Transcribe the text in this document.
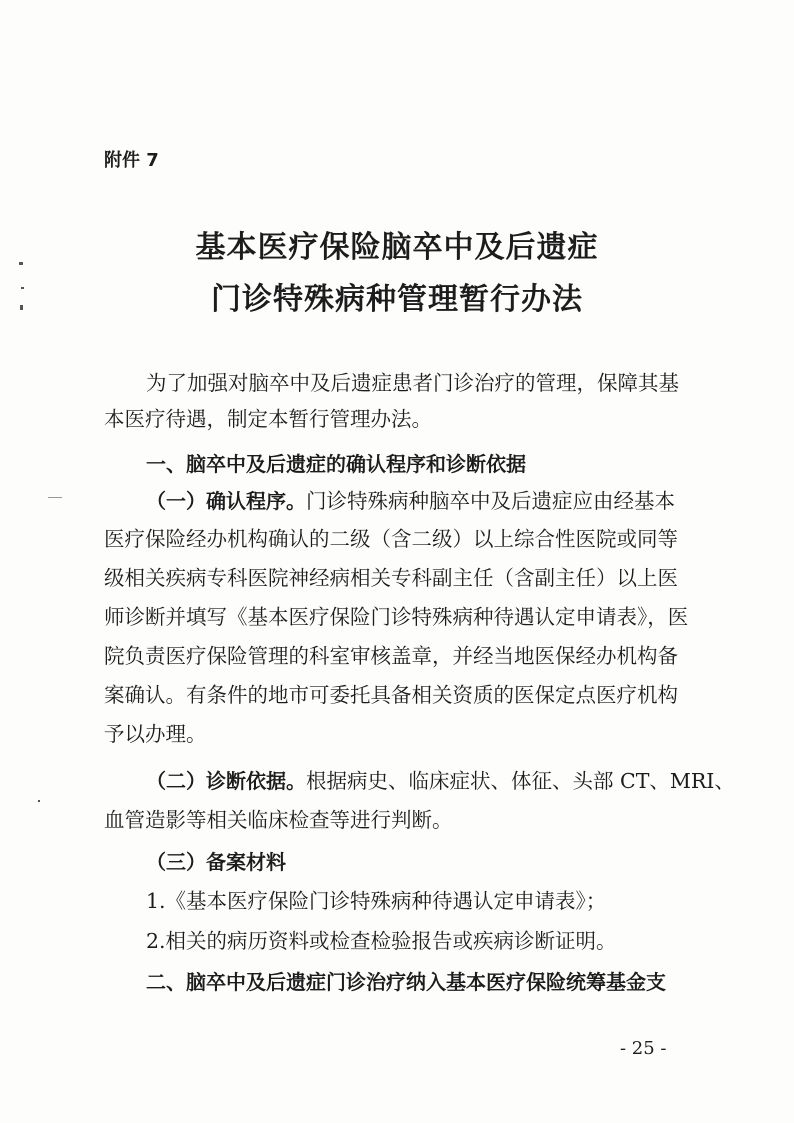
附件 7
基本医疗保险脑卒中及后遗症
门诊特殊病种管理暂行办法
为了加强对脑卒中及后遗症患者门诊治疗的管理，保障其基
本医疗待遇，制定本暂行管理办法。
一、脑卒中及后遗症的确认程序和诊断依据
（一）确认程序。门诊特殊病种脑卒中及后遗症应由经基本
医疗保险经办机构确认的二级（含二级）以上综合性医院或同等
级相关疾病专科医院神经病相关专科副主任（含副主任）以上医
师诊断并填写《基本医疗保险门诊特殊病种待遇认定申请表》，医
院负责医疗保险管理的科室审核盖章，并经当地医保经办机构备
案确认。有条件的地市可委托具备相关资质的医保定点医疗机构
予以办理。
（二）诊断依据。根据病史、临床症状、体征、头部 CT、MRI、
血管造影等相关临床检查等进行判断。
（三）备案材料
1.《基本医疗保险门诊特殊病种待遇认定申请表》；
2.相关的病历资料或检查检验报告或疾病诊断证明。
二、脑卒中及后遗症门诊治疗纳入基本医疗保险统筹基金支
- 25 -
